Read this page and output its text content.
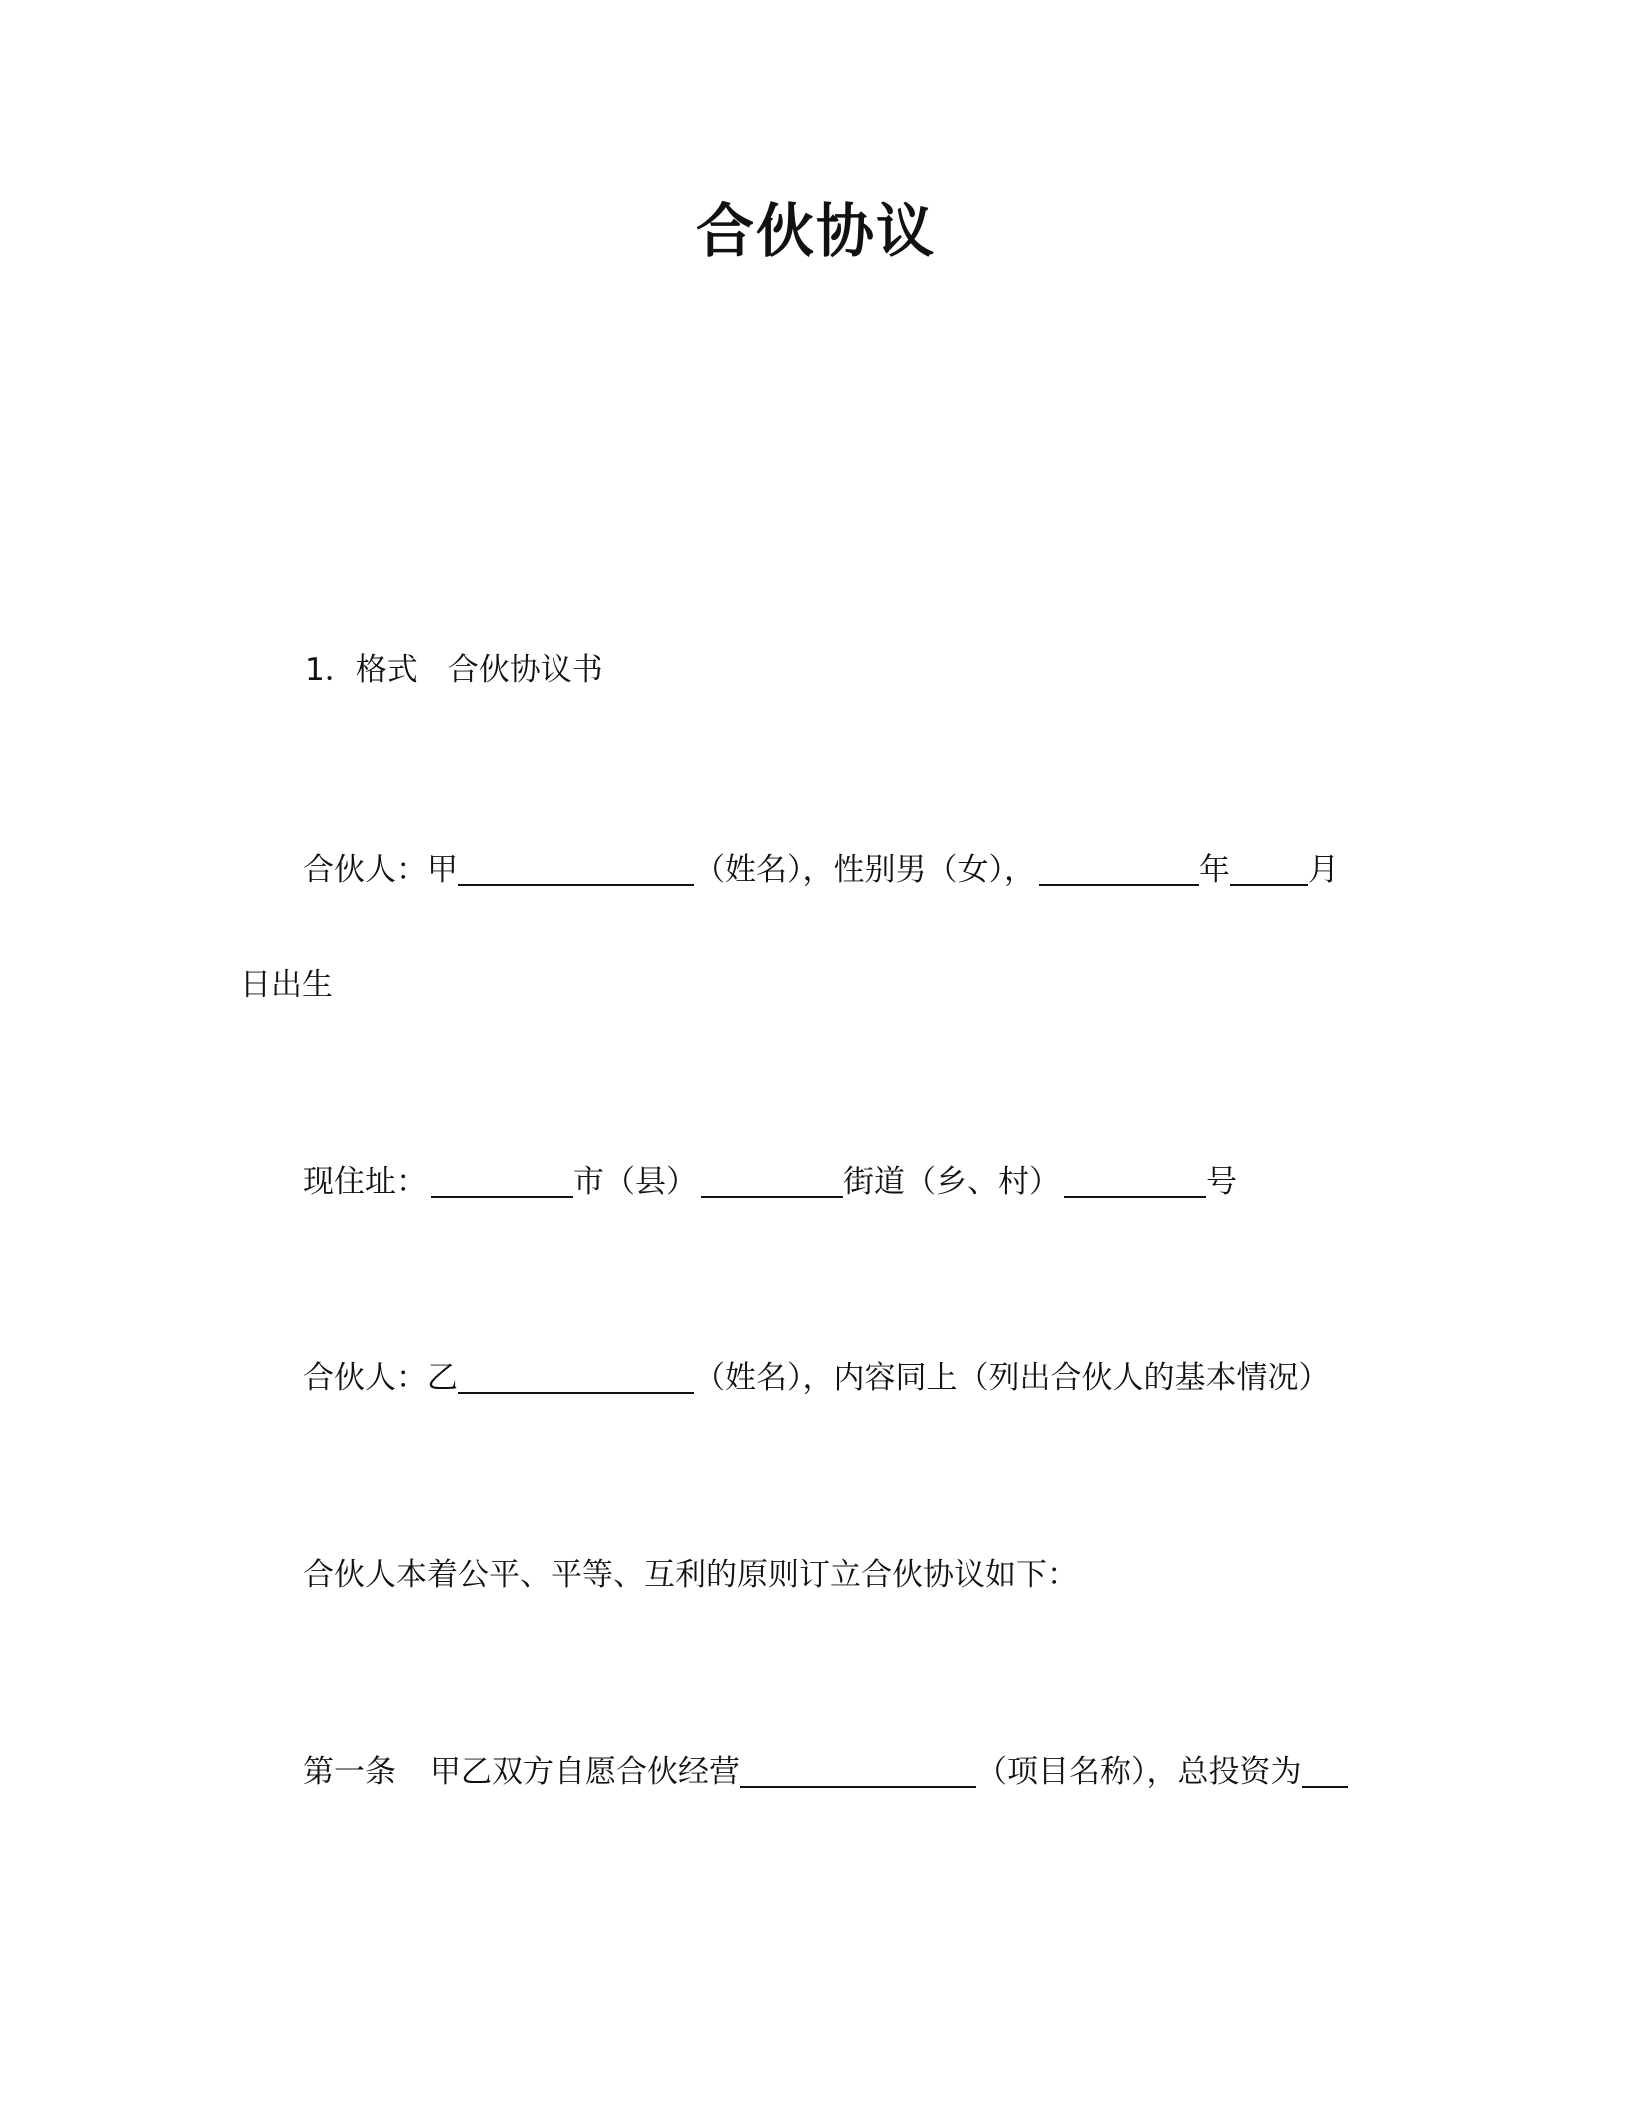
合伙协议
1．格式 合伙协议书
合伙人：甲	（姓名），性别男（女），	年	月
日出生
现住址：	市（县）	街道（乡、村）	号
合伙人：乙	（姓名），内容同上（列出合伙人的基本情况）
合伙人本着公平、平等、互利的原则订立合伙协议如下：
第一条 甲乙双方自愿合伙经营	（项目名称），总投资为
